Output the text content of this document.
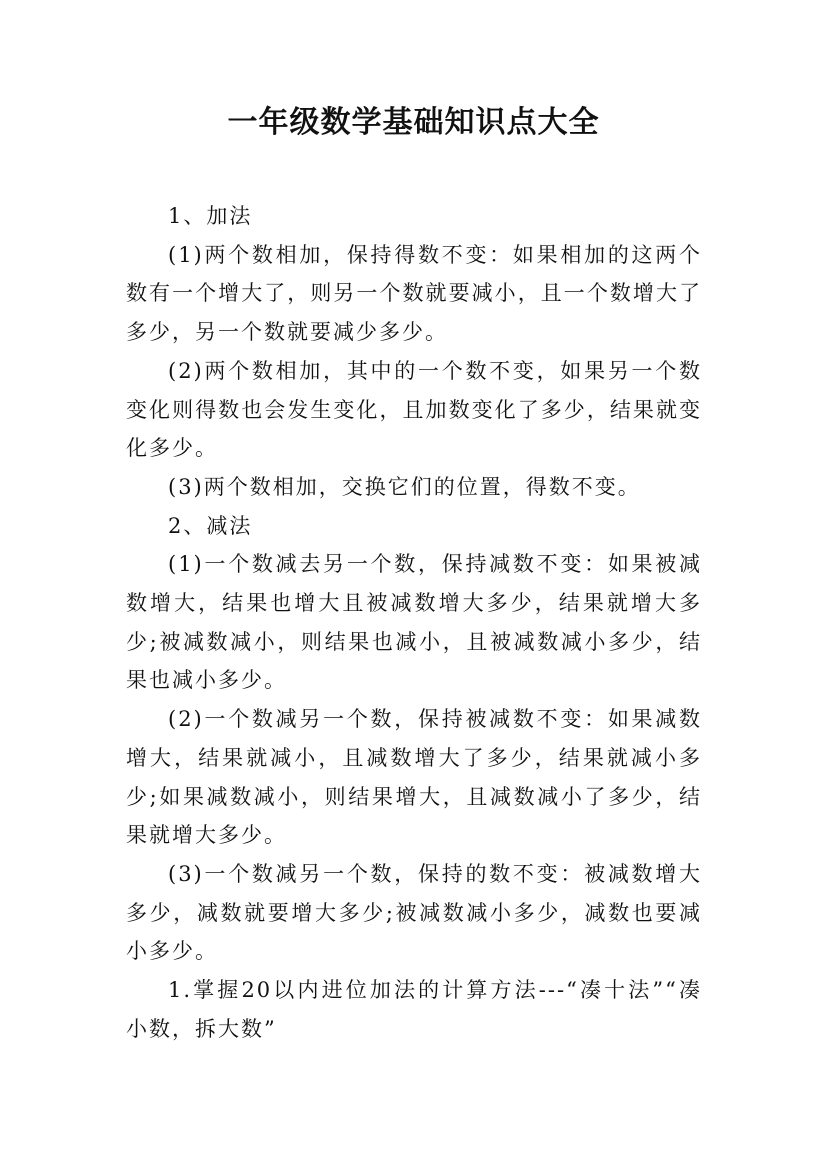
一年级数学基础知识点大全

1、加法

(1)两个数相加，保持得数不变：如果相加的这两个数有一个增大了，则另一个数就要减小，且一个数增大了多少，另一个数就要减少多少。

(2)两个数相加，其中的一个数不变，如果另一个数变化则得数也会发生变化，且加数变化了多少，结果就变化多少。

(3)两个数相加，交换它们的位置，得数不变。

2、减法

(1)一个数减去另一个数，保持减数不变：如果被减数增大，结果也增大且被减数增大多少，结果就增大多少;被减数减小，则结果也减小，且被减数减小多少，结果也减小多少。

(2)一个数减另一个数，保持被减数不变：如果减数增大，结果就减小，且减数增大了多少，结果就减小多少;如果减数减小，则结果增大，且减数减小了多少，结果就增大多少。

(3)一个数减另一个数，保持的数不变：被减数增大多少，减数就要增大多少;被减数减小多少，减数也要减小多少。

1.掌握20以内进位加法的计算方法---“凑十法”“凑小数，拆大数”
